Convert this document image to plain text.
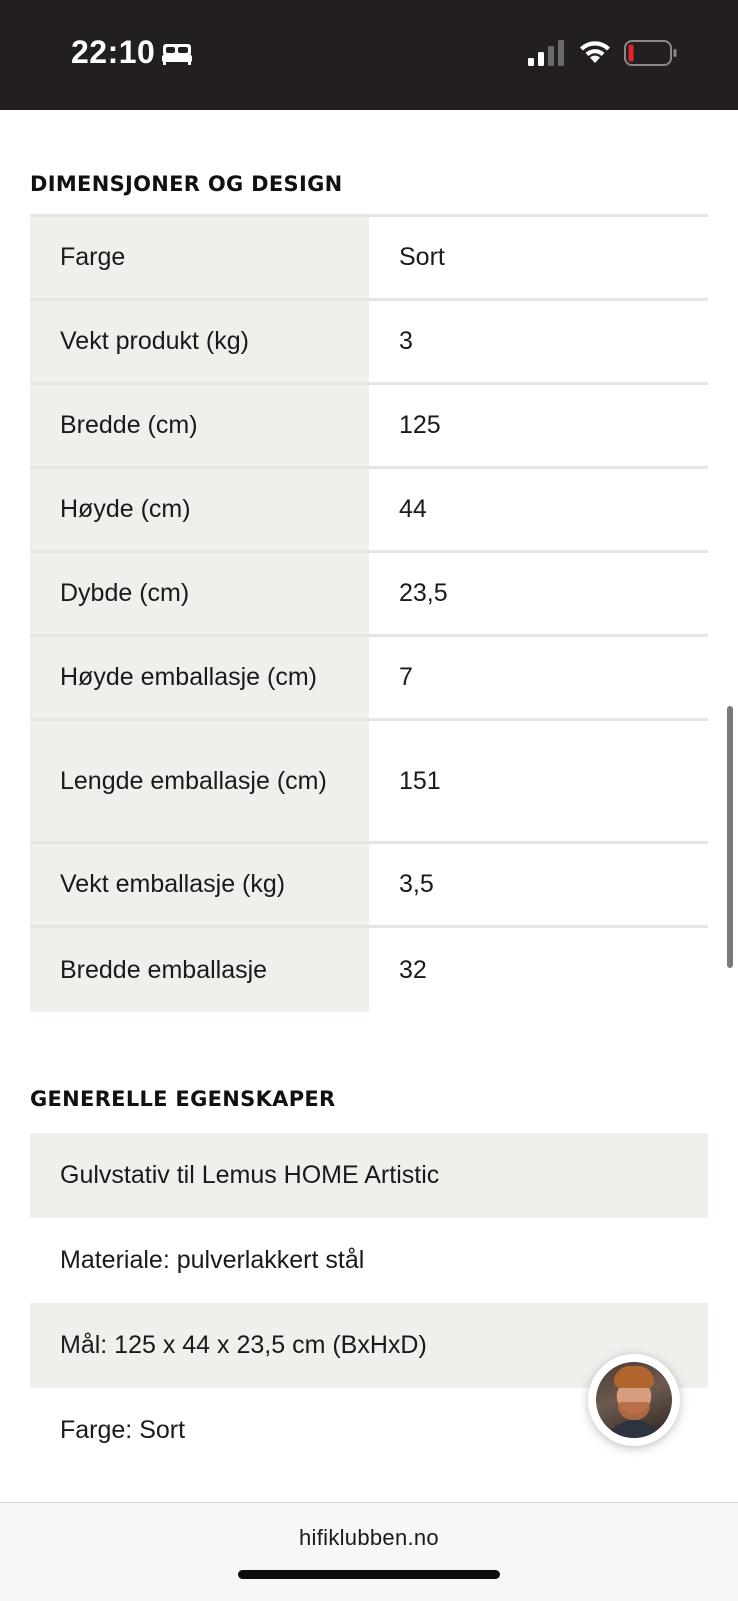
22:10
DIMENSJONER OG DESIGN
Farge	Sort
Vekt produkt (kg)	3
Bredde (cm)	125
Høyde (cm)	44
Dybde (cm)	23,5
Høyde emballasje (cm)	7
Lengde emballasje (cm)	151
Vekt emballasje (kg)	3,5
Bredde emballasje	32
GENERELLE EGENSKAPER
Gulvstativ til Lemus HOME Artistic
Materiale: pulverlakkert stål
Mål: 125 x 44 x 23,5 cm (BxHxD)
Farge: Sort
hifiklubben.no
